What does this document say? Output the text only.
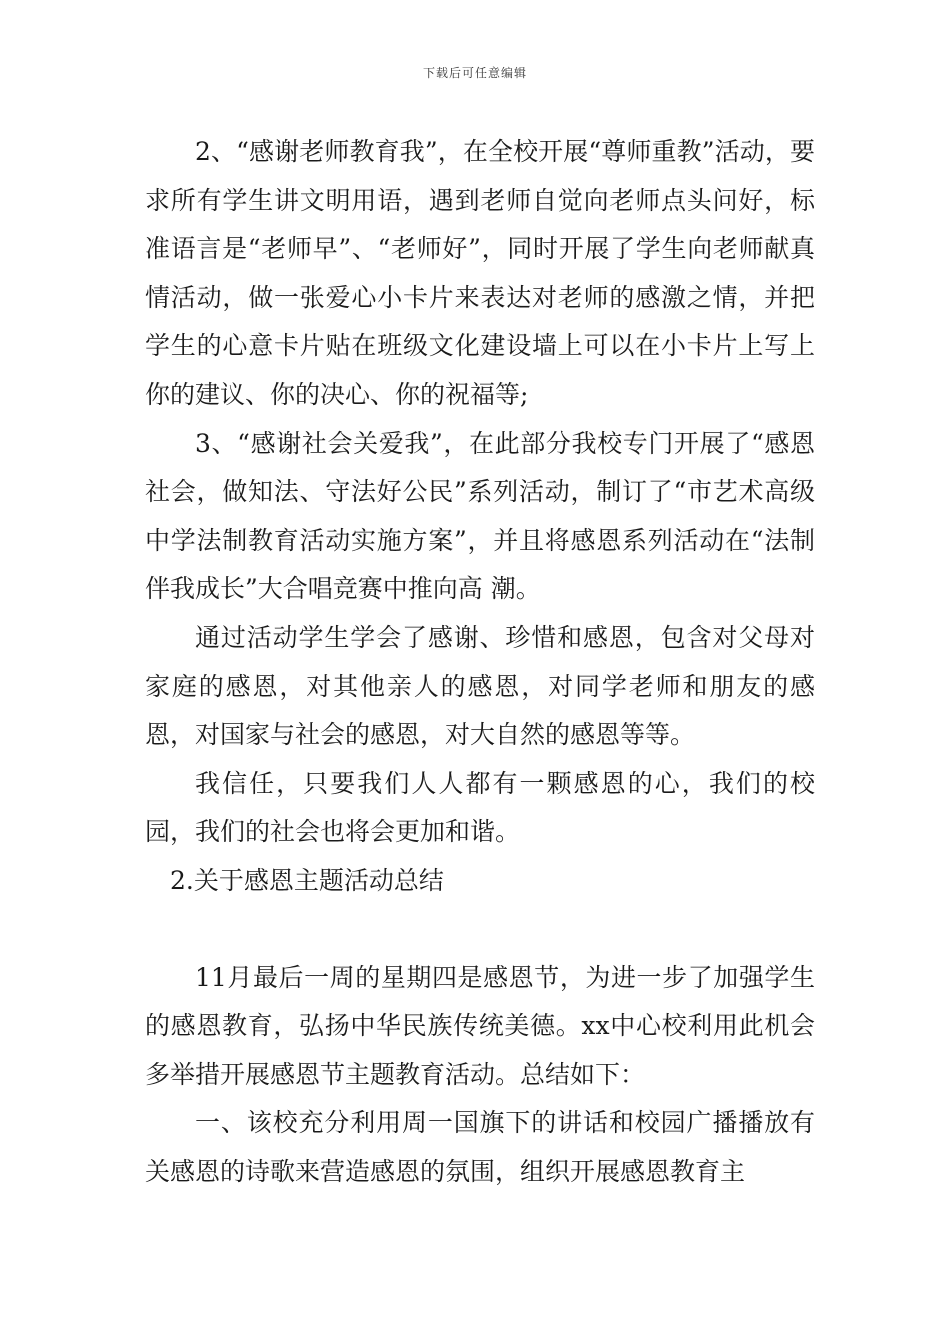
下载后可任意编辑

2、“感谢老师教育我”，在全校开展“尊师重教”活动，要求所有学生讲文明用语，遇到老师自觉向老师点头问好，标准语言是“老师早”、“老师好”，同时开展了学生向老师献真情活动，做一张爱心小卡片来表达对老师的感激之情，并把学生的心意卡片贴在班级文化建设墙上可以在小卡片上写上你的建议、你的决心、你的祝福等;

3、“感谢社会关爱我”，在此部分我校专门开展了“感恩社会，做知法、守法好公民”系列活动，制订了“市艺术高级中学法制教育活动实施方案”，并且将感恩系列活动在“法制伴我成长”大合唱竞赛中推向高 潮。

通过活动学生学会了感谢、珍惜和感恩，包含对父母对家庭的感恩，对其他亲人的感恩，对同学老师和朋友的感恩，对国家与社会的感恩，对大自然的感恩等等。

我信任，只要我们人人都有一颗感恩的心，我们的校园，我们的社会也将会更加和谐。

2.关于感恩主题活动总结

11月最后一周的星期四是感恩节，为进一步了加强学生的感恩教育，弘扬中华民族传统美德。xx中心校利用此机会多举措开展感恩节主题教育活动。总结如下：

一、该校充分利用周一国旗下的讲话和校园广播播放有关感恩的诗歌来营造感恩的氛围，组织开展感恩教育主
